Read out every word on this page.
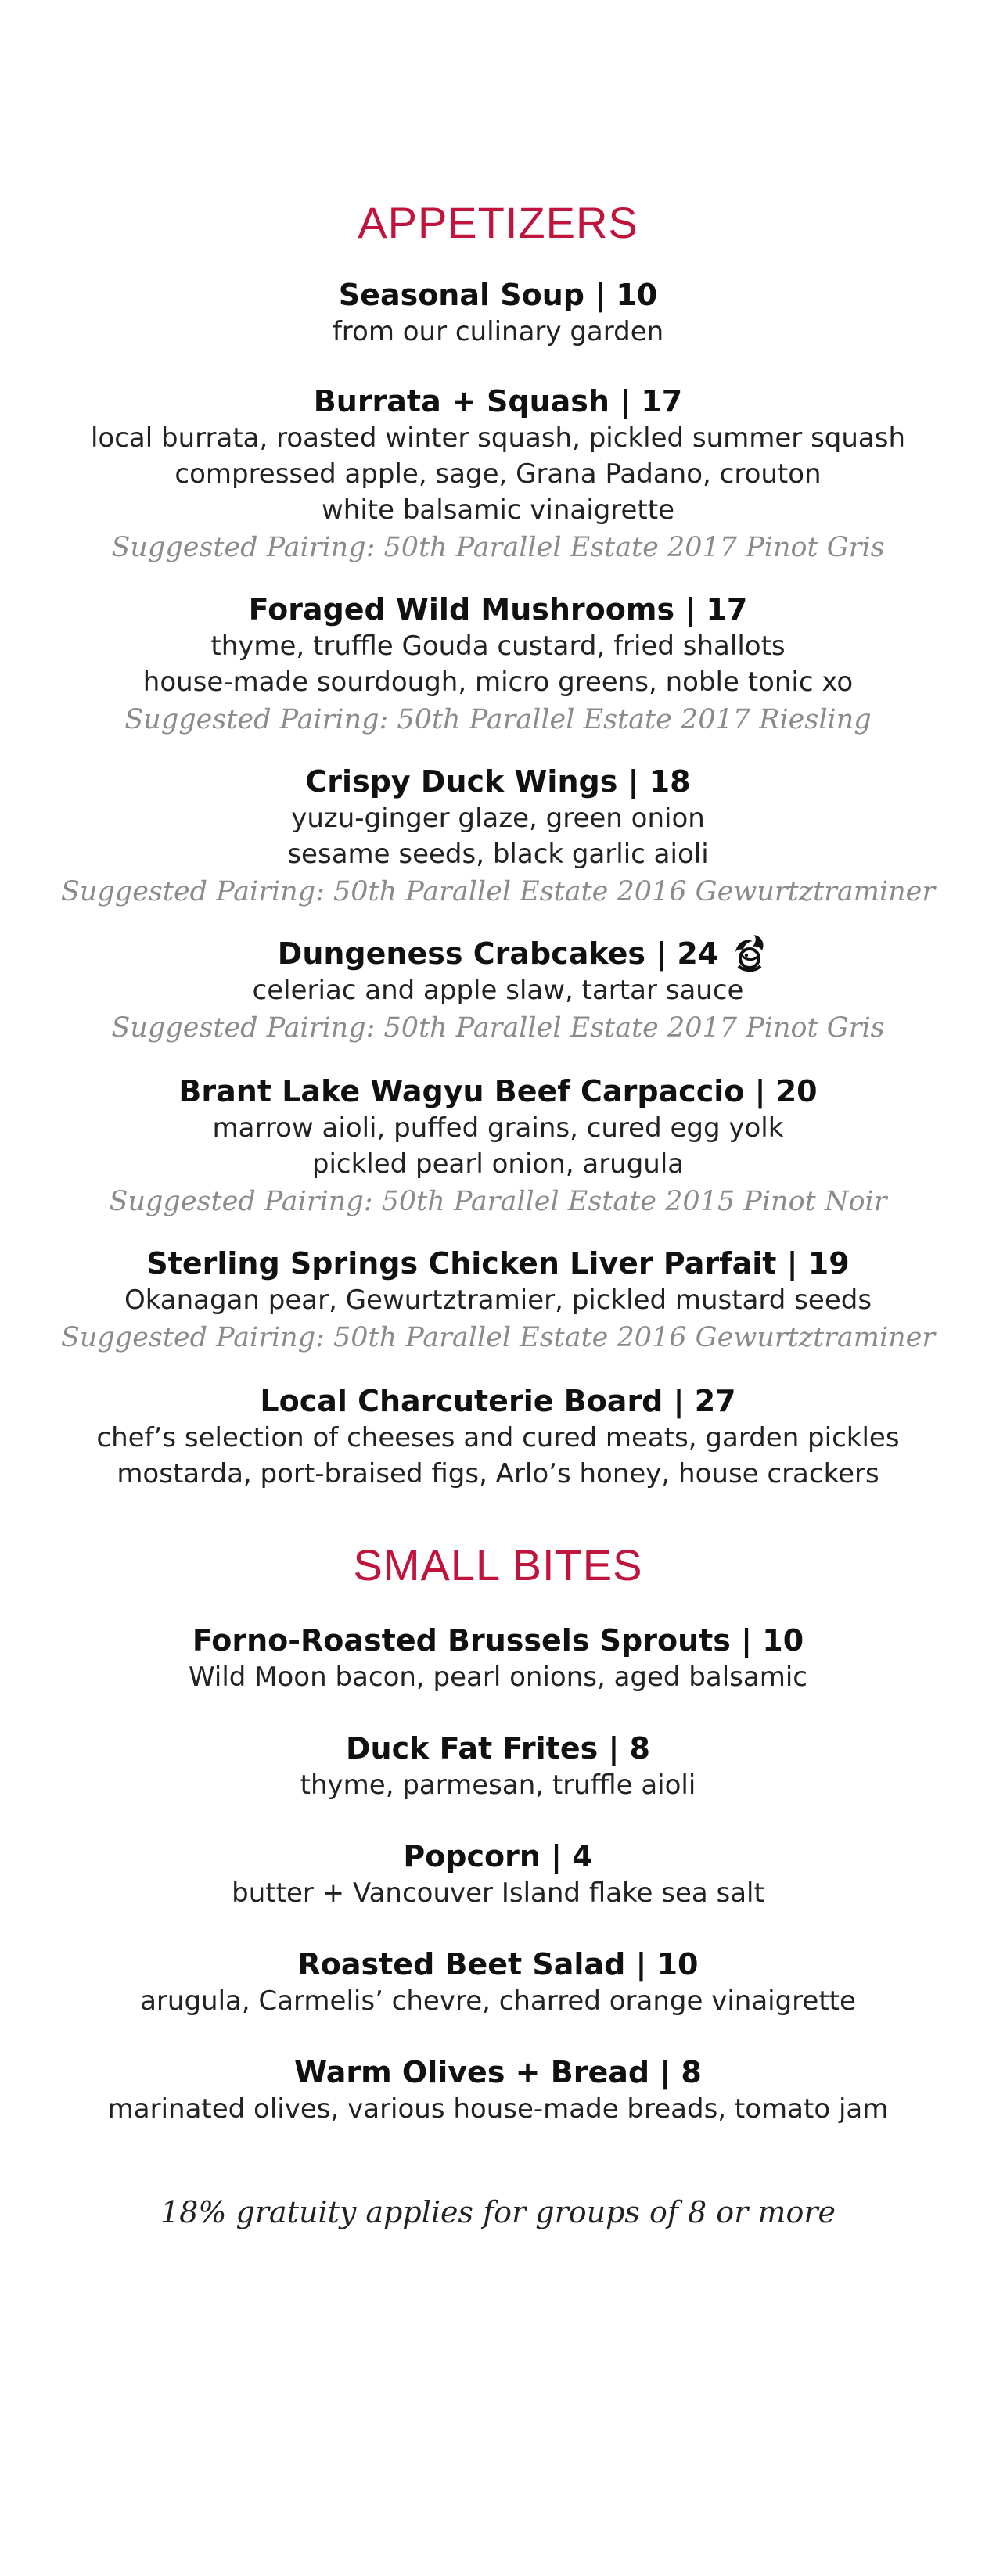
APPETIZERS
Seasonal Soup | 10

from our culinary garden

Burrata + Squash | 17

local burrata, roasted winter squash, pickled summer squash

compressed apple, sage, Grana Padano, crouton

white balsamic vinaigrette

Suggested Pairing: 50th Parallel Estate 2017 Pinot Gris

Foraged Wild Mushrooms | 17

thyme, truffle Gouda custard, fried shallots

house-made sourdough, micro greens, noble tonic xo

Suggested Pairing: 50th Parallel Estate 2017 Riesling

Crispy Duck Wings | 18

yuzu-ginger glaze, green onion

sesame seeds, black garlic aioli

Suggested Pairing: 50th Parallel Estate 2016 Gewurtztraminer

Dungeness Crabcakes | 24

celeriac and apple slaw, tartar sauce

Suggested Pairing: 50th Parallel Estate 2017 Pinot Gris

Brant Lake Wagyu Beef Carpaccio | 20

marrow aioli, puffed grains, cured egg yolk

pickled pearl onion, arugula

Suggested Pairing: 50th Parallel Estate 2015 Pinot Noir

Sterling Springs Chicken Liver Parfait | 19

Okanagan pear, Gewurtztramier, pickled mustard seeds

Suggested Pairing: 50th Parallel Estate 2016 Gewurtztraminer

Local Charcuterie Board | 27

chef’s selection of cheeses and cured meats, garden pickles

mostarda, port-braised figs, Arlo’s honey, house crackers

SMALL BITES
Forno-Roasted Brussels Sprouts | 10

Wild Moon bacon, pearl onions, aged balsamic

Duck Fat Frites | 8

thyme, parmesan, truffle aioli

Popcorn | 4

butter + Vancouver Island flake sea salt

Roasted Beet Salad | 10

arugula, Carmelis’ chevre, charred orange vinaigrette

Warm Olives + Bread | 8

marinated olives, various house-made breads, tomato jam

18% gratuity applies for groups of 8 or more
